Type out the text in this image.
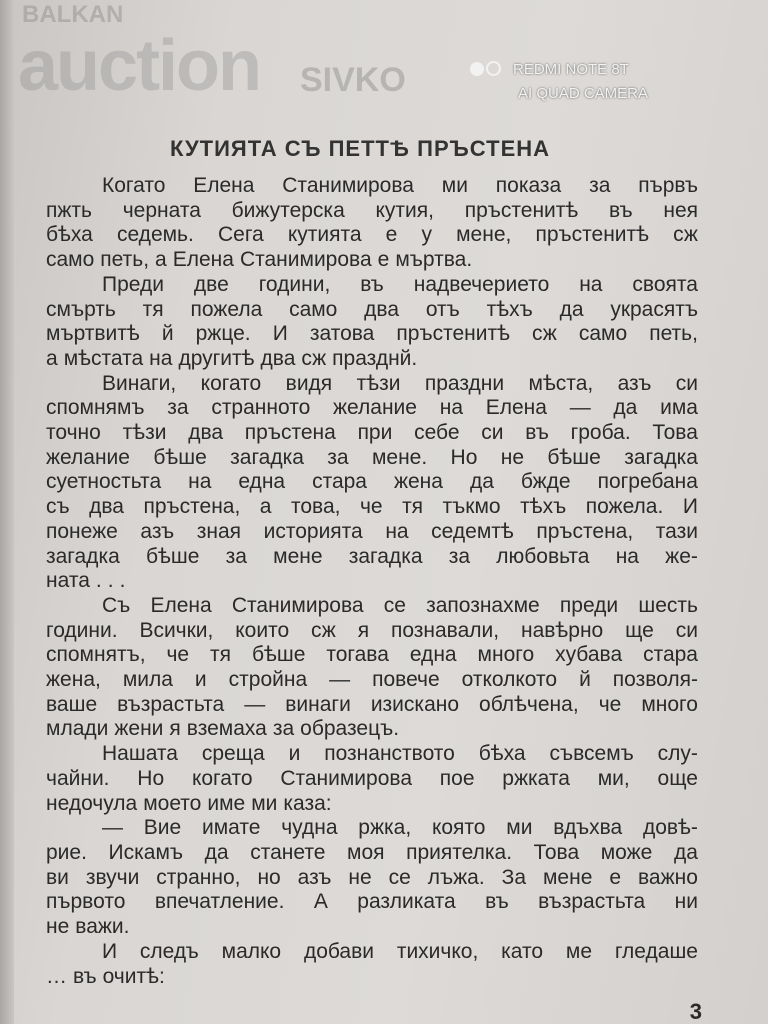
BALKAN
auction SIVKO	REDMI NOTE 8T
AI QUAD CAMERA
КУТИЯТА СЪ ПЕТТѢ ПРЪСТЕНА
Когато Елена Станимирова ми показа за първъ
пжть черната бижутерска кутия, пръстенитѣ въ нея
бѣха седемь. Сега кутията е у мене, пръстенитѣ сж
само петь, а Елена Станимирова е мъртва.
Преди две години, въ надвечерието на своята
смърть тя пожела само два отъ тѣхъ да украсятъ
мъртвитѣ й ржце. И затова пръстенитѣ сж само петь,
а мѣстата на другитѣ два сж празднй.
Винаги, когато видя тѣзи праздни мѣста, азъ си
спомнямъ за странното желание на Елена — да има
точно тѣзи два пръстена при себе си въ гроба. Това
желание бѣше загадка за мене. Но не бѣше загадка
суетностьта на една стара жена да бжде погребана
съ два пръстена, а това, че тя тъкмо тѣхъ пожела. И
понеже азъ зная историята на седемтѣ пръстена, тази
загадка бѣше за мене загадка за любовьта на же-
ната . . .
Съ Елена Станимирова се запознахме преди шесть
години. Всички, които сж я познавали, навѣрно ще си
спомнятъ, че тя бѣше тогава една много хубава стара
жена, мила и стройна — повече отколкото й позволя-
ваше възрастьта — винаги изискано облѣчена, че много
млади жени я вземаха за образецъ.
Нашата среща и познанството бѣха съвсемъ слу-
чайни. Но когато Станимирова пое ржката ми, още
недочула моето име ми каза:
— Вие имате чудна ржка, която ми вдъхва довѣ-
рие. Искамъ да станете моя приятелка. Това може да
ви звучи странно, но азъ не се лъжа. За мене е важно
първото впечатление. А разликата въ възрастьта ни
не важи.
И следъ малко добави тихичко, като ме гледаше
… въ очитѣ:
3
